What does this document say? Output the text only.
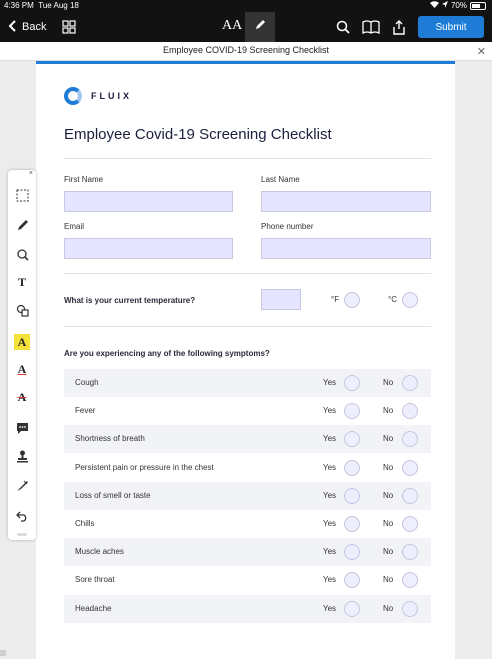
4:36 PM Tue Aug 18	70%
Back	AA	Submit
Employee COVID-19 Screening Checklist	✕
FLUIX
Employee Covid-19 Screening Checklist
First Name	Last Name
Email	Phone number
What is your current temperature?	°F	°C
Are you experiencing any of the following symptoms?
Cough	Yes	No
Fever	Yes	No
Shortness of breath	Yes	No
Persistent pain or pressure in the chest	Yes	No
Loss of smell or taste	Yes	No
Chills	Yes	No
Muscle aches	Yes	No
Sore throat	Yes	No
Headache	Yes	No
×
T
A
A
A
